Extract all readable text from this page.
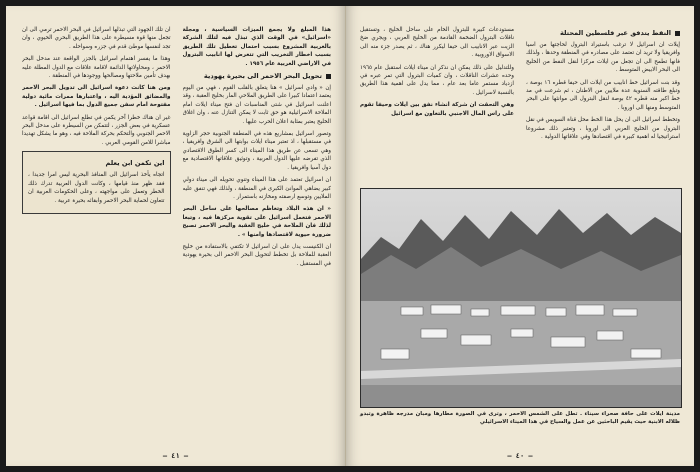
هذا المبلغ ولا يجمع الميزات السياسية ، ومجلة «اسرائيل» في الوقت الذي تبذل فيه لتلك الشركة بالعربية المشروع بسبب احتمال تعطيل تلك الطريق بسبب اخطار التخريب التي تتعرض لها انابيب البترول في الاراضي العربية عام ١٩٥٦ .

تحويل البحر الاحمر الى بحيرة يهودية

إن « وادي اسرائيل » هنا يتعلق بالقلب القوم ، فهي من اليوم يعتمد اعتمادا كبيرا على الطريق الملاحي المار بخليج العقبة ، وقد اعلنت اسرائيل في شتى المناسبات ان فتح ميناء ايلات امام الملاحة الاسرائيلية هو حق ثابت لا يمكن التنازل عنه ، وان اغلاق الخليج يعتبر بمثابة اعلان الحرب عليها .

وتصور اسرائيل بمشاريع هذه في المنطقة الجنوبية حجر الزاوية في مستقبلها ، اذ تعتبر ميناء ايلات بوابتها الى الشرق وافريقيا ، وهي تسعى عن طريق هذا الميناء الى كسر الطوق الاقتصادي الذي تفرضه عليها الدول العربية ، وتوثيق علاقاتها الاقتصادية مع دول آسيا وافريقيا .

ان اسرائيل تعتمد على هذا الميناء وتنوي تحويله الى ميناء دولي كبير يضاهي الموانئ الكبرى في المنطقة ، ولذلك فهي تنفق عليه الملايين وتوسع ارصفته ومخازنه باستمرار .

« ان هذه البلاد وتعاظم مصالحها على ساحل البحر الاحمر فتعمل اسرائيل على تقوية مركزها فيه ، وتبعا لذلك فان الملاحة في خليج العقبة والبحر الاحمر تصبح ضرورة حيوية لاقتصادها وامنها » .

ان الكنيست يدل على ان اسرائيل لا تكتفي بالاستفادة من خليج العقبة للملاحة بل تخطط لتحويل البحر الاحمر الى بحيرة يهودية في المستقبل .

ان تلك الجهود التي تبذلها اسرائيل في البحر الاحمر ترمي الى ان تجعل منها قوة مسيطرة على هذا الطريق البحري الحيوي ، وان تجد لنفسها موطئ قدم في جزره وسواحله .

وهذا ما يفسر اهتمام اسرائيل بالجزر الواقعة عند مدخل البحر الاحمر ، ومحاولاتها الدائمة لاقامة علاقات مع الدول المطلة عليه بهدف تأمين ملاحتها ومصالحها ووجودها في المنطقة .

ومن هنا كانت دعوة اسرائيل الى تدويل البحر الاحمر والمضائق المؤدية اليه ، واعتبارها ممرات مائية دولية مفتوحة امام سفن جميع الدول بما فيها اسرائيل .

غير ان هناك خطرا آخر يكمن في تطلع اسرائيل الى اقامة قواعد عسكرية في بعض الجزر ، لتتمكن من السيطرة على مدخل البحر الاحمر الجنوبي والتحكم بحركة الملاحة فيه ، وهو ما يشكل تهديدا مباشرا للامن القومي العربي .

اين تكمن ابن يعلم

اتجاه يأخذ اسرائيل الى المنافذ البحرية ليس امرا جديدا ، فقد ظهر منذ قيامها ، وكانت الدول العربية تدرك ذلك الخطر وتعمل على مواجهته ، وعلى الحكومات العربية ان تتعاون لحماية البحر الاحمر وابقائه بحيرة عربية .

— ٤١ —
النفط يتدفق عبر فلسطين المحتلة

إيلات ان اسرائيل لا ترغب باستيراد البترول لحاجتها من اسيا وافريقيا ولا تريد ان تعتمد على مصادره في المنطقة وحدها ، ولذلك فانها تطمح الى ان تجعل من ايلات مركزا لنقل النفط من الخليج الى البحر الابيض المتوسط .

وقد بنت اسرائيل خط انابيب من ايلات الى حيفا قطره ١٦ بوصة ، وتبلغ طاقته السنوية عدة ملايين من الاطنان ، ثم شرعت في مد خط اكبر منه قطره ٤٢ بوصة لنقل البترول الى موانئها على البحر المتوسط ومنها الى اوروبا .

وتخطط اسرائيل الى ان يحل هذا الخط محل قناة السويس في نقل البترول من الخليج العربي الى اوروبا ، وتعتبر ذلك مشروعا استراتيجيا له اهمية كبيرة في اقتصادها وفي علاقاتها الدولية .

مستودعات كبيرة للبترول الخام على ساحل الخليج ، وتستقبل ناقلات البترول الضخمة القادمة من الخليج العربي ، ويجري ضخ الزيت عبر الانابيب الى حيفا ليكرر هناك ، ثم يصدر جزء منه الى الاسواق الاوروبية .

وللتدليل على ذلك يمكن ان نذكر ان ميناء ايلات استقبل عام ١٩٦٥ وحده عشرات الناقلات ، وان كميات البترول التي تمر عبره في ازدياد مستمر عاما بعد عام ، مما يدل على اهمية هذا الطريق بالنسبة لاسرائيل .

وهي التحقت ان شركة انشاء نفق بين ايلات وحيفا تقوم على راس المال الاجنبي بالتعاون مع اسرائيل

مدينة ايلات على حافة صحراء سيناء . تطل على الشمس الاحمر ، وترى في الصورة مطارها ومبان مدرجه ظاهرة وتبدو ظلاله الابنية حيث يقيم الباحثين عن عمل والسياح في هذا الميناء الاسرائيلي
— ٤٠ —
